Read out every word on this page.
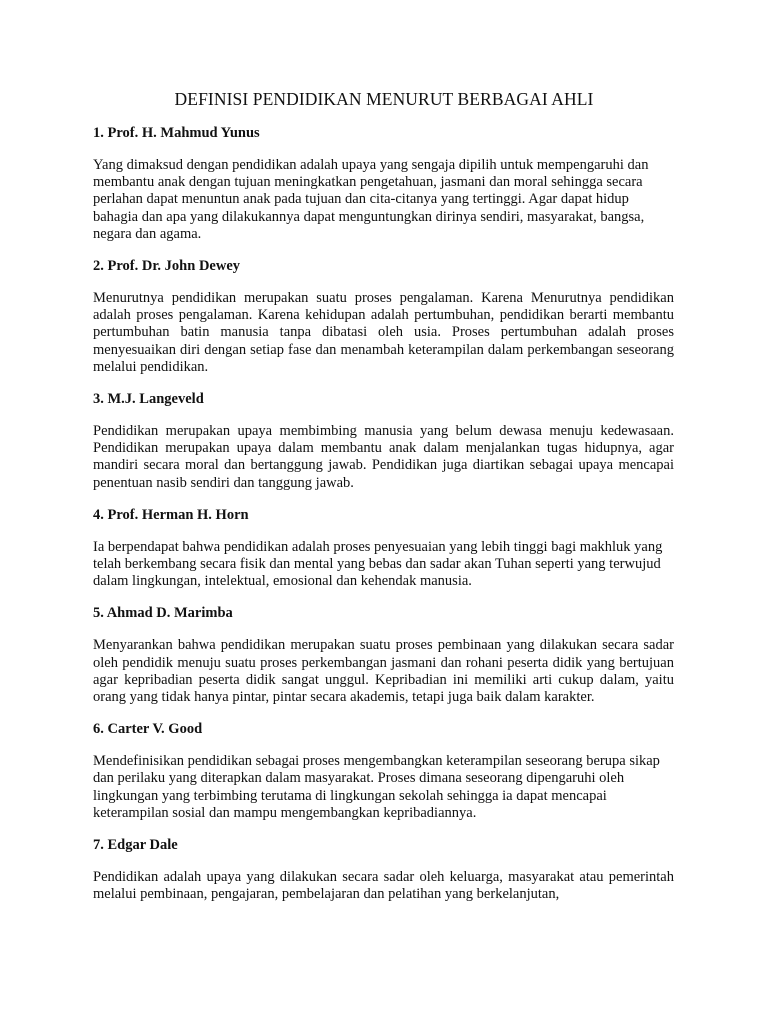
DEFINISI PENDIDIKAN MENURUT BERBAGAI AHLI
1. Prof. H. Mahmud Yunus

Yang dimaksud dengan pendidikan adalah upaya yang sengaja dipilih untuk mempengaruhi dan membantu anak dengan tujuan meningkatkan pengetahuan, jasmani dan moral sehingga secara perlahan dapat menuntun anak pada tujuan dan cita-citanya yang tertinggi. Agar dapat hidup bahagia dan apa yang dilakukannya dapat menguntungkan dirinya sendiri, masyarakat, bangsa, negara dan agama.

2. Prof. Dr. John Dewey

Menurutnya pendidikan merupakan suatu proses pengalaman. Karena Menurutnya pendidikan adalah proses pengalaman. Karena kehidupan adalah pertumbuhan, pendidikan berarti membantu pertumbuhan batin manusia tanpa dibatasi oleh usia. Proses pertumbuhan adalah proses menyesuaikan diri dengan setiap fase dan menambah keterampilan dalam perkembangan seseorang melalui pendidikan.

3. M.J. Langeveld

Pendidikan merupakan upaya membimbing manusia yang belum dewasa menuju kedewasaan. Pendidikan merupakan upaya dalam membantu anak dalam menjalankan tugas hidupnya, agar mandiri secara moral dan bertanggung jawab. Pendidikan juga diartikan sebagai upaya mencapai penentuan nasib sendiri dan tanggung jawab.

4. Prof. Herman H. Horn

Ia berpendapat bahwa pendidikan adalah proses penyesuaian yang lebih tinggi bagi makhluk yang telah berkembang secara fisik dan mental yang bebas dan sadar akan Tuhan seperti yang terwujud dalam lingkungan, intelektual, emosional dan kehendak manusia.

5. Ahmad D. Marimba

Menyarankan bahwa pendidikan merupakan suatu proses pembinaan yang dilakukan secara sadar oleh pendidik menuju suatu proses perkembangan jasmani dan rohani peserta didik yang bertujuan agar kepribadian peserta didik sangat unggul. Kepribadian ini memiliki arti cukup dalam, yaitu orang yang tidak hanya pintar, pintar secara akademis, tetapi juga baik dalam karakter.

6. Carter V. Good

Mendefinisikan pendidikan sebagai proses mengembangkan keterampilan seseorang berupa sikap dan perilaku yang diterapkan dalam masyarakat. Proses dimana seseorang dipengaruhi oleh lingkungan yang terbimbing terutama di lingkungan sekolah sehingga ia dapat mencapai keterampilan sosial dan mampu mengembangkan kepribadiannya.

7. Edgar Dale

Pendidikan adalah upaya yang dilakukan secara sadar oleh keluarga, masyarakat atau pemerintah melalui pembinaan, pengajaran, pembelajaran dan pelatihan yang berkelanjutan,
